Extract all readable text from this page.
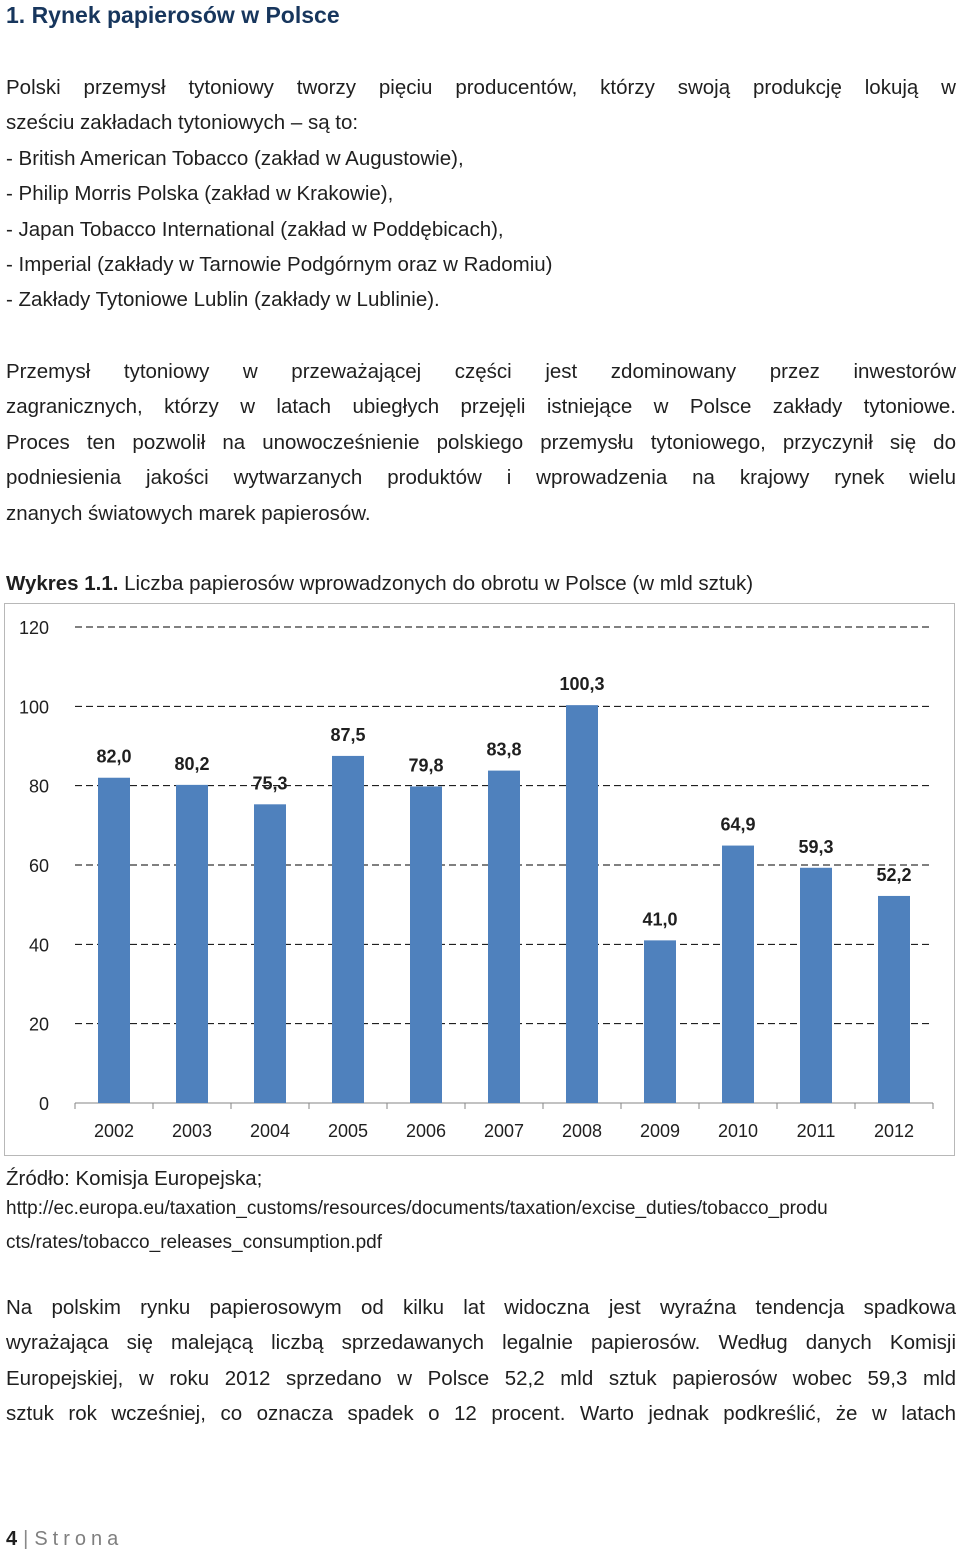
1. Rynek papierosów w Polsce
Polski przemysł tytoniowy tworzy pięciu producentów, którzy swoją produkcję lokują w
sześciu zakładach tytoniowych – są to:
- British American Tobacco (zakład w Augustowie),
- Philip Morris Polska (zakład w Krakowie),
- Japan Tobacco International (zakład w Poddębicach),
- Imperial (zakłady w Tarnowie Podgórnym oraz w Radomiu)
- Zakłady Tytoniowe Lublin (zakłady w Lublinie).
Przemysł tytoniowy w przeważającej części jest zdominowany przez inwestorów
zagranicznych, którzy w latach ubiegłych przejęli istniejące w Polsce zakłady tytoniowe.
Proces ten pozwolił na unowocześnienie polskiego przemysłu tytoniowego, przyczynił się do
podniesienia jakości wytwarzanych produktów i wprowadzenia na krajowy rynek wielu
znanych światowych marek papierosów.
Wykres 1.1. Liczba papierosów wprowadzonych do obrotu w Polsce (w mld sztuk)
0
20
40
60
80
100
120
82,0
2002
80,2
2003
75,3
2004
87,5
2005
79,8
2006
83,8
2007
100,3
2008
41,0
2009
64,9
2010
59,3
2011
52,2
2012
Źródło: Komisja Europejska;
http://ec.europa.eu/taxation_customs/resources/documents/taxation/excise_duties/tobacco_produ
cts/rates/tobacco_releases_consumption.pdf
Na polskim rynku papierosowym od kilku lat widoczna jest wyraźna tendencja spadkowa
wyrażająca się malejącą liczbą sprzedawanych legalnie papierosów. Według danych Komisji
Europejskiej, w roku 2012 sprzedano w Polsce 52,2 mld sztuk papierosów wobec 59,3 mld
sztuk rok wcześniej, co oznacza spadek o 12 procent. Warto jednak podkreślić, że w latach
4 | Strona
